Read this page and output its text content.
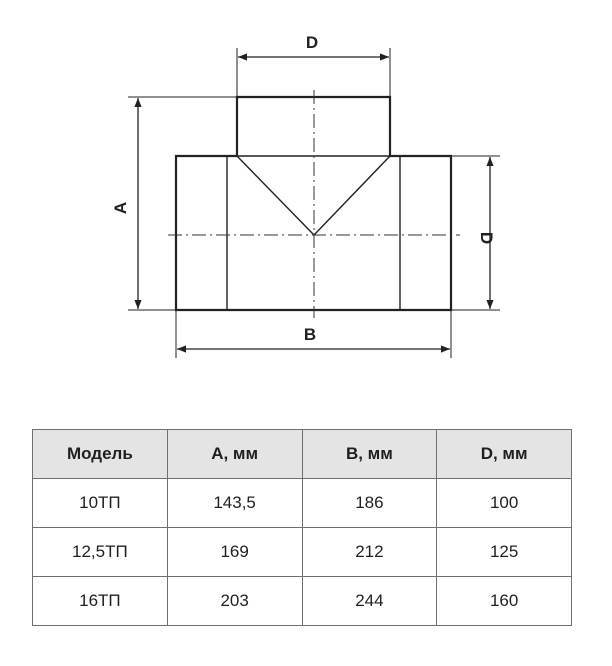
D
A
D
B
Модель	A, мм	B, мм	D, мм
10ТП	143,5	186	100
12,5ТП	169	212	125
16ТП	203	244	160
